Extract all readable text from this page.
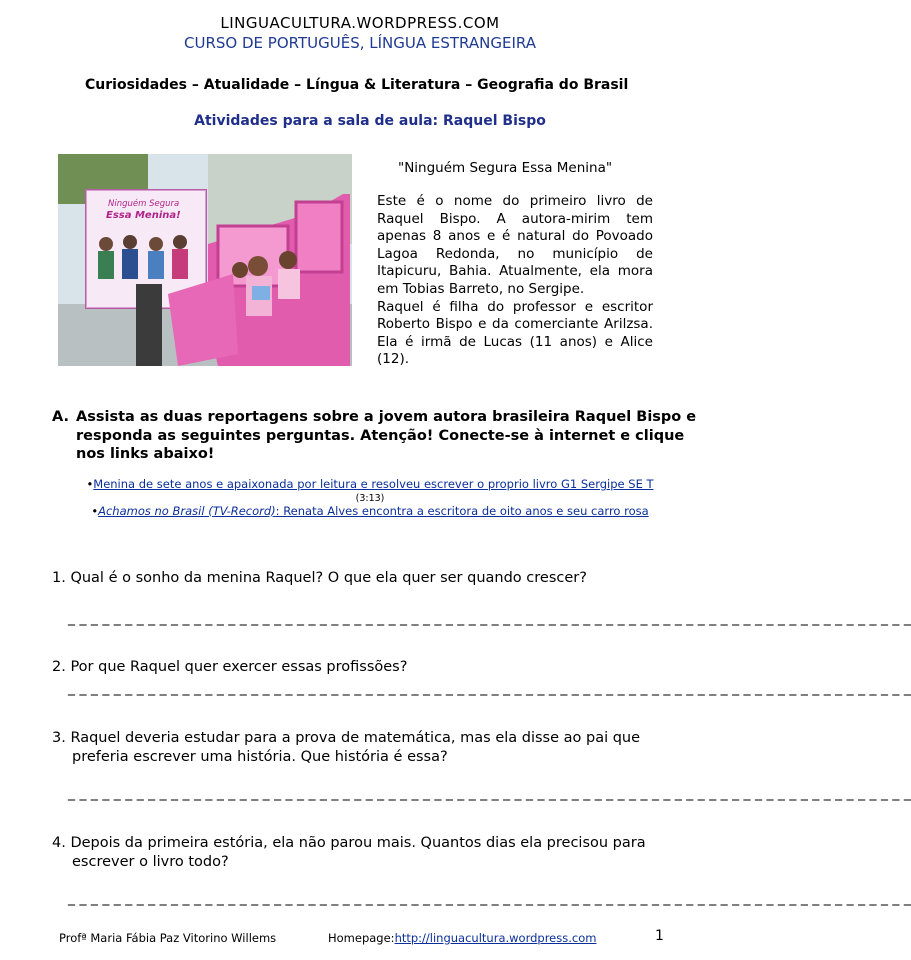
LINGUACULTURA.WORDPRESS.COM
CURSO DE PORTUGUÊS, LÍNGUA ESTRANGEIRA
Curiosidades – Atualidade – Língua & Literatura – Geografia do Brasil
Atividades para a sala de aula: Raquel Bispo
Ninguém Segura
Essa Menina!
"Ninguém Segura Essa Menina"

Este é o nome do primeiro livro de Raquel Bispo. A autora-mirim tem apenas 8 anos e é natural do Povoado Lagoa Redonda, no município de Itapicuru, Bahia. Atualmente, ela mora em Tobias Barreto, no Sergipe.

Raquel é filha do professor e escritor Roberto Bispo e da comerciante Arilzsa. Ela é irmã de Lucas (11 anos) e Alice (12).

A. Assista as duas reportagens sobre a jovem autora brasileira Raquel Bispo e responda as seguintes perguntas. Atenção! Conecte-se à internet e clique nos links abaixo!
•Menina de sete anos e apaixonada por leitura e resolveu escrever o proprio livro G1 Sergipe SE T
(3:13)
•Achamos no Brasil (TV-Record): Renata Alves encontra a escritora de oito anos e seu carro rosa
1. Qual é o sonho da menina Raquel? O que ela quer ser quando crescer?
_ _ _ _ _ _ _ _ _ _ _ _ _ _ _ _ _ _ _ _ _ _ _ _ _ _ _ _ _ _ _ _ _ _ _ _ _ _ _ _ _ _ _ _ _ _ _ _ _ _ _ _ _ _ _ _ _ _ _ _ _ _ _ _ _ _ _ _ _ _ _ _ _ _
2. Por que Raquel quer exercer essas profissões?
_ _ _ _ _ _ _ _ _ _ _ _ _ _ _ _ _ _ _ _ _ _ _ _ _ _ _ _ _ _ _ _ _ _ _ _ _ _ _ _ _ _ _ _ _ _ _ _ _ _ _ _ _ _ _ _ _ _ _ _ _ _ _ _ _ _ _ _ _ _ _ _ _ _
3. Raquel deveria estudar para a prova de matemática, mas ela disse ao pai que
preferia escrever uma história. Que história é essa?
_ _ _ _ _ _ _ _ _ _ _ _ _ _ _ _ _ _ _ _ _ _ _ _ _ _ _ _ _ _ _ _ _ _ _ _ _ _ _ _ _ _ _ _ _ _ _ _ _ _ _ _ _ _ _ _ _ _ _ _ _ _ _ _ _ _ _ _ _ _ _ _ _ _
4. Depois da primeira estória, ela não parou mais. Quantos dias ela precisou para
escrever o livro todo?
_ _ _ _ _ _ _ _ _ _ _ _ _ _ _ _ _ _ _ _ _ _ _ _ _ _ _ _ _ _ _ _ _ _ _ _ _ _ _ _ _ _ _ _ _ _ _ _ _ _ _ _ _ _ _ _ _ _ _ _ _ _ _ _ _ _ _ _ _ _ _ _ _ _
Profª Maria Fábia Paz Vitorino Willems	Homepage:http://linguacultura.wordpress.com	1
